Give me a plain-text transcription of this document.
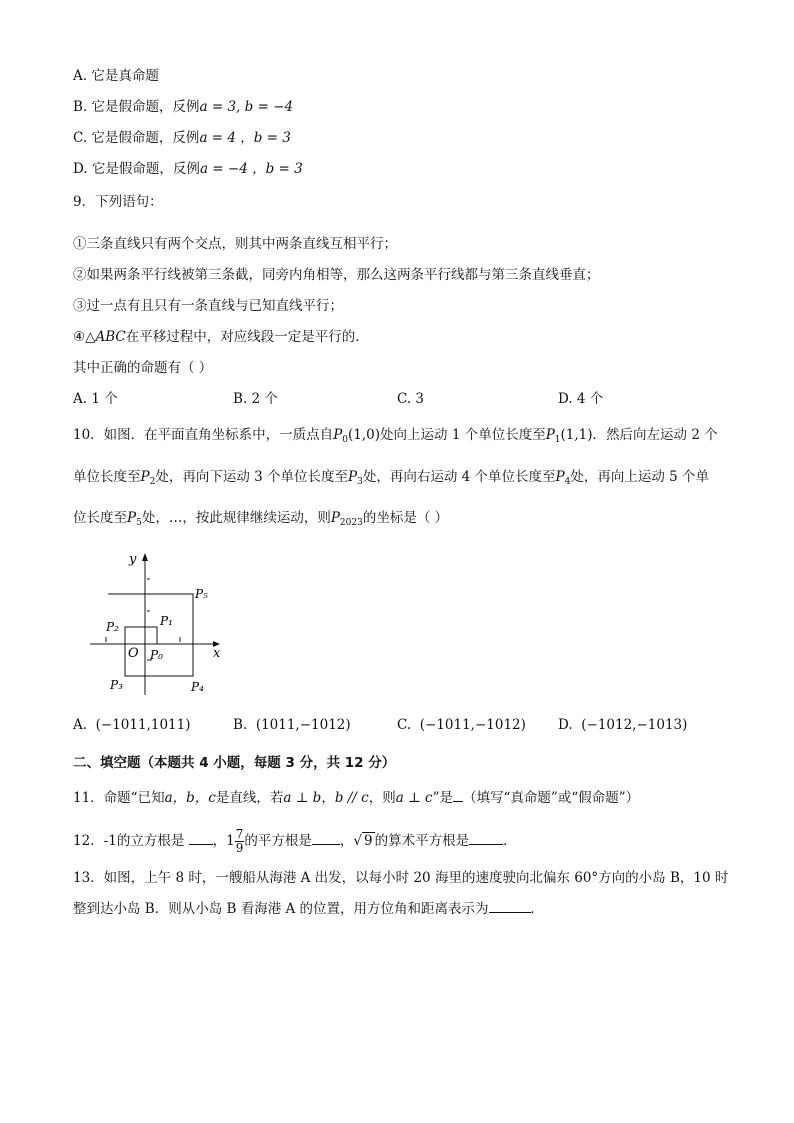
A. 它是真命题
B. 它是假命题，反例a = 3, b = −4
C. 它是假命题，反例a = 4 ，b = 3
D. 它是假命题，反例a = −4 ，b = 3
9．下列语句：
①三条直线只有两个交点，则其中两条直线互相平行；
②如果两条平行线被第三条截，同旁内角相等，那么这两条平行线都与第三条直线垂直；
③过一点有且只有一条直线与已知直线平行；
④△ABC在平移过程中，对应线段一定是平行的．
其中正确的命题有（ ）
A. 1 个	B. 2 个	C. 3	D. 4 个
10．如图．在平面直角坐标系中，一质点自$P_0(1,0)$处向上运动 1 个单位长度至$P_1(1,1)$．然后向左运动 2 个
单位长度至$P_2$处，再向下运动 3 个单位长度至$P_3$处，再向右运动 4 个单位长度至$P_4$处，再向上运动 5 个单
位长度至$P_5$处，…，按此规律继续运动，则$P_{2023}$的坐标是（ ）
y
x
O P₀
P₁
P₂
P₃	P₄
P₅
A. (−1011,1011)	B. (1011,−1012)	C. (−1011,−1012) D. (−1012,−1013)
二、填空题（本题共 4 小题，每题 3 分，共 12 分）
11．命题“已知a，b，c是直线，若a ⊥ b，b // c，则a ⊥ c”是 （填写“真命题”或“假命题”）
12．-1的立方根是 ，$1 \frac{7}{9}$ 的平方根是 ，√ 9 的算术平方根是	．
13．如图，上午 8 时，一艘船从海港 A 出发，以每小时 20 海里的速度驶向北偏东 60°方向的小岛 B，10 时
整到达小岛 B．则从小岛 B 看海港 A 的位置，用方位角和距离表示为	．
